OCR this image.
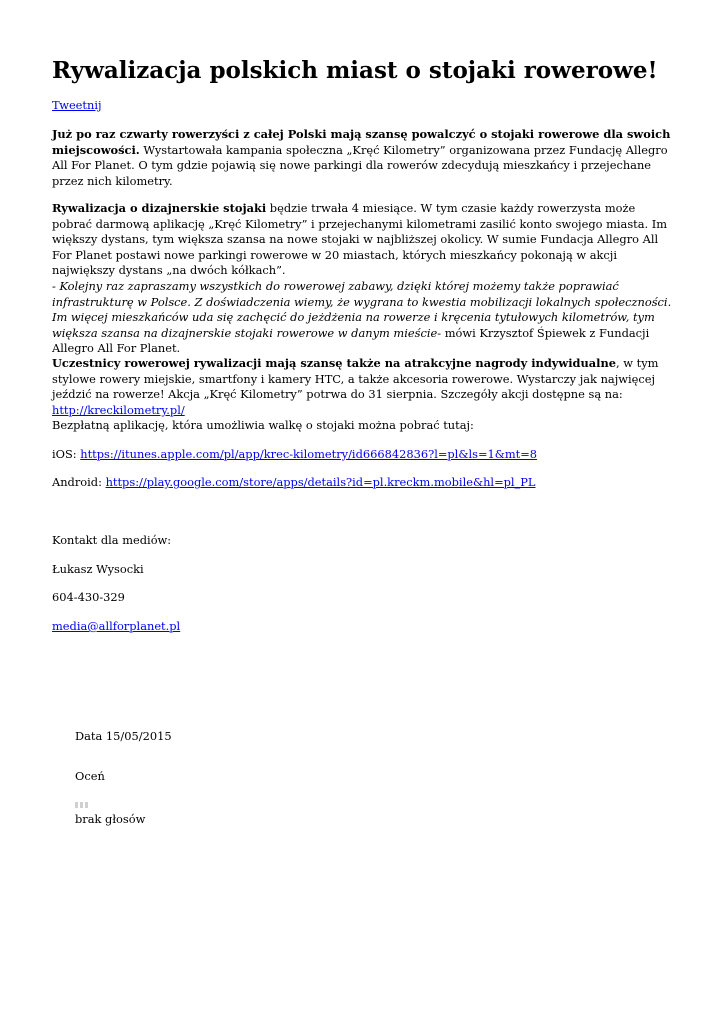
Rywalizacja polskich miast o stojaki rowerowe!

Tweetnij

Już po raz czwarty rowerzyści z całej Polski mają szansę powalczyć o stojaki rowerowe dla swoich miejscowości. Wystartowała kampania społeczna „Kręć Kilometry” organizowana przez Fundację Allegro All For Planet. O tym gdzie pojawią się nowe parkingi dla rowerów zdecydują mieszkańcy i przejechane przez nich kilometry.

Rywalizacja o dizajnerskie stojaki będzie trwała 4 miesiące. W tym czasie każdy rowerzysta może pobrać darmową aplikację „Kręć Kilometry” i przejechanymi kilometrami zasilić konto swojego miasta. Im większy dystans, tym większa szansa na nowe stojaki w najbliższej okolicy. W sumie Fundacja Allegro All For Planet postawi nowe parkingi rowerowe w 20 miastach, których mieszkańcy pokonają w akcji największy dystans „na dwóch kółkach”.

- Kolejny raz zapraszamy wszystkich do rowerowej zabawy, dzięki której możemy także poprawiać infrastrukturę w Polsce. Z doświadczenia wiemy, że wygrana to kwestia mobilizacji lokalnych społeczności. Im więcej mieszkańców uda się zachęcić do jeżdżenia na rowerze i kręcenia tytułowych kilometrów, tym większa szansa na dizajnerskie stojaki rowerowe w danym mieście- mówi Krzysztof Śpiewek z Fundacji Allegro All For Planet.

Uczestnicy rowerowej rywalizacji mają szansę także na atrakcyjne nagrody indywidualne, w tym stylowe rowery miejskie, smartfony i kamery HTC, a także akcesoria rowerowe. Wystarczy jak najwięcej jeździć na rowerze! Akcja „Kręć Kilometry” potrwa do 31 sierpnia. Szczegóły akcji dostępne są na: http://kreckilometry.pl/

Bezpłatną aplikację, która umożliwia walkę o stojaki można pobrać tutaj:

iOS: https://itunes.apple.com/pl/app/krec-kilometry/id666842836?l=pl&ls=1&mt=8

Android: https://play.google.com/store/apps/details?id=pl.kreckm.mobile&hl=pl_PL

Kontakt dla mediów:

Łukasz Wysocki

604-430-329

media@allforplanet.pl

Data 15/05/2015
Oceń
brak głosów
